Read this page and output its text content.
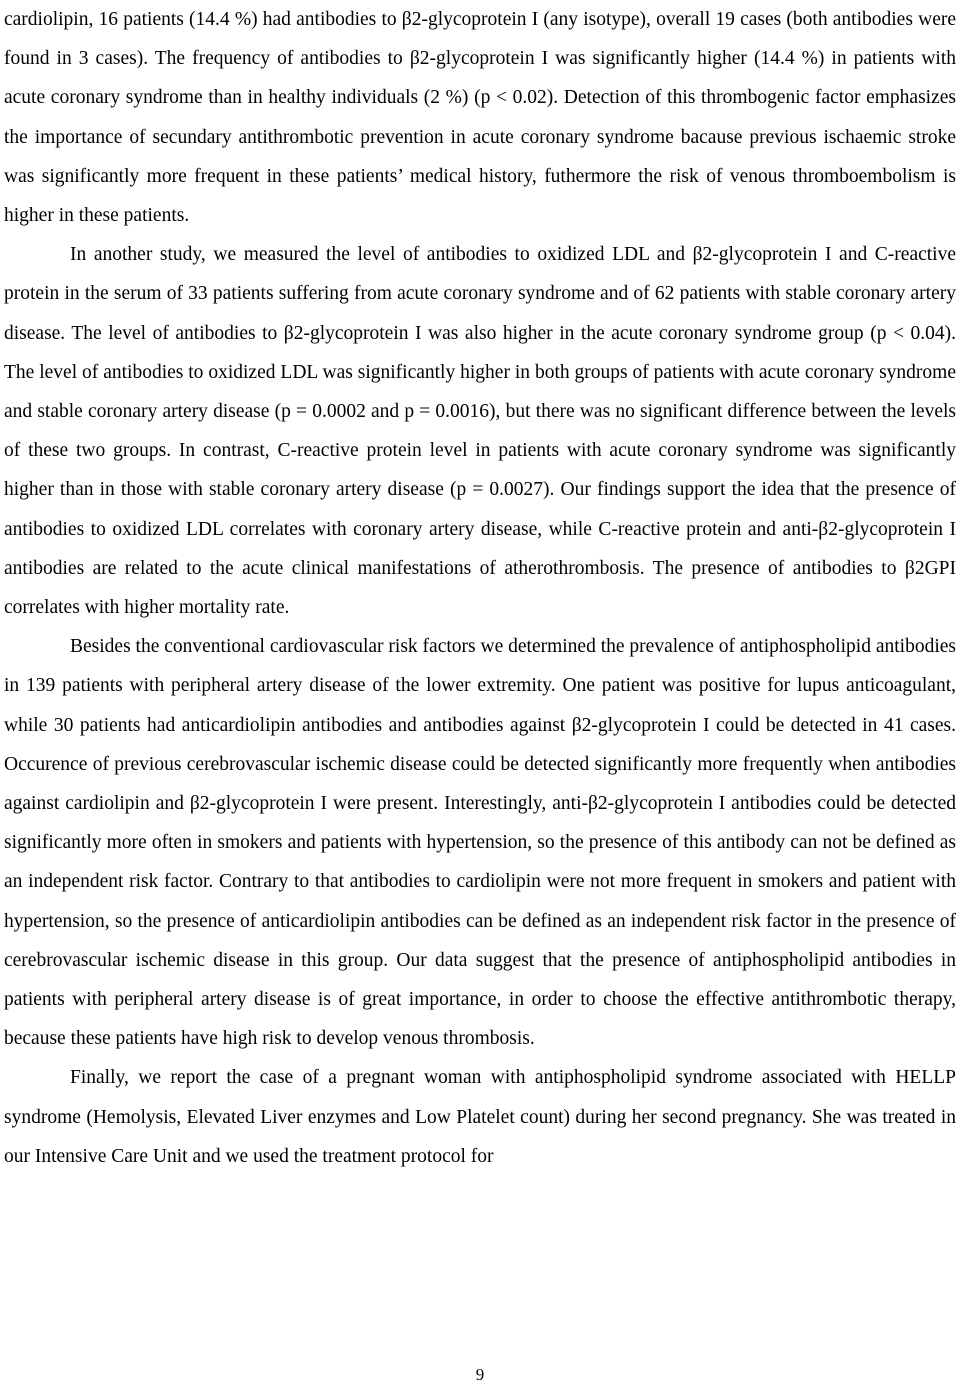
cardiolipin, 16 patients (14.4 %) had antibodies to β2-glycoprotein I (any isotype), overall 19 cases (both antibodies were found in 3 cases). The frequency of antibodies to β2-glycoprotein I was significantly higher (14.4 %) in patients with acute coronary syndrome than in healthy individuals (2 %) (p < 0.02). Detection of this thrombogenic factor emphasizes the importance of secundary antithrombotic prevention in acute coronary syndrome bacause previous ischaemic stroke was significantly more frequent in these patients’ medical history, futhermore the risk of venous thromboembolism is higher in these patients.

In another study, we measured the level of antibodies to oxidized LDL and β2-glycoprotein I and C-reactive protein in the serum of 33 patients suffering from acute coronary syndrome and of 62 patients with stable coronary artery disease. The level of antibodies to β2-glycoprotein I was also higher in the acute coronary syndrome group (p < 0.04). The level of antibodies to oxidized LDL was significantly higher in both groups of patients with acute coronary syndrome and stable coronary artery disease (p = 0.0002 and p = 0.0016), but there was no significant difference between the levels of these two groups. In contrast, C-reactive protein level in patients with acute coronary syndrome was significantly higher than in those with stable coronary artery disease (p = 0.0027). Our findings support the idea that the presence of antibodies to oxidized LDL correlates with coronary artery disease, while C-reactive protein and anti-β2-glycoprotein I antibodies are related to the acute clinical manifestations of atherothrombosis. The presence of antibodies to β2GPI correlates with higher mortality rate.

Besides the conventional cardiovascular risk factors we determined the prevalence of antiphospholipid antibodies in 139 patients with peripheral artery disease of the lower extremity. One patient was positive for lupus anticoagulant, while 30 patients had anticardiolipin antibodies and antibodies against β2-glycoprotein I could be detected in 41 cases. Occurence of previous cerebrovascular ischemic disease could be detected significantly more frequently when antibodies against cardiolipin and β2-glycoprotein I were present. Interestingly, anti-β2-glycoprotein I antibodies could be detected significantly more often in smokers and patients with hypertension, so the presence of this antibody can not be defined as an independent risk factor. Contrary to that antibodies to cardiolipin were not more frequent in smokers and patient with hypertension, so the presence of anticardiolipin antibodies can be defined as an independent risk factor in the presence of cerebrovascular ischemic disease in this group. Our data suggest that the presence of antiphospholipid antibodies in patients with peripheral artery disease is of great importance, in order to choose the effective antithrombotic therapy, because these patients have high risk to develop venous thrombosis.

Finally, we report the case of a pregnant woman with antiphospholipid syndrome associated with HELLP syndrome (Hemolysis, Elevated Liver enzymes and Low Platelet count) during her second pregnancy. She was treated in our Intensive Care Unit and we used the treatment protocol for

9
